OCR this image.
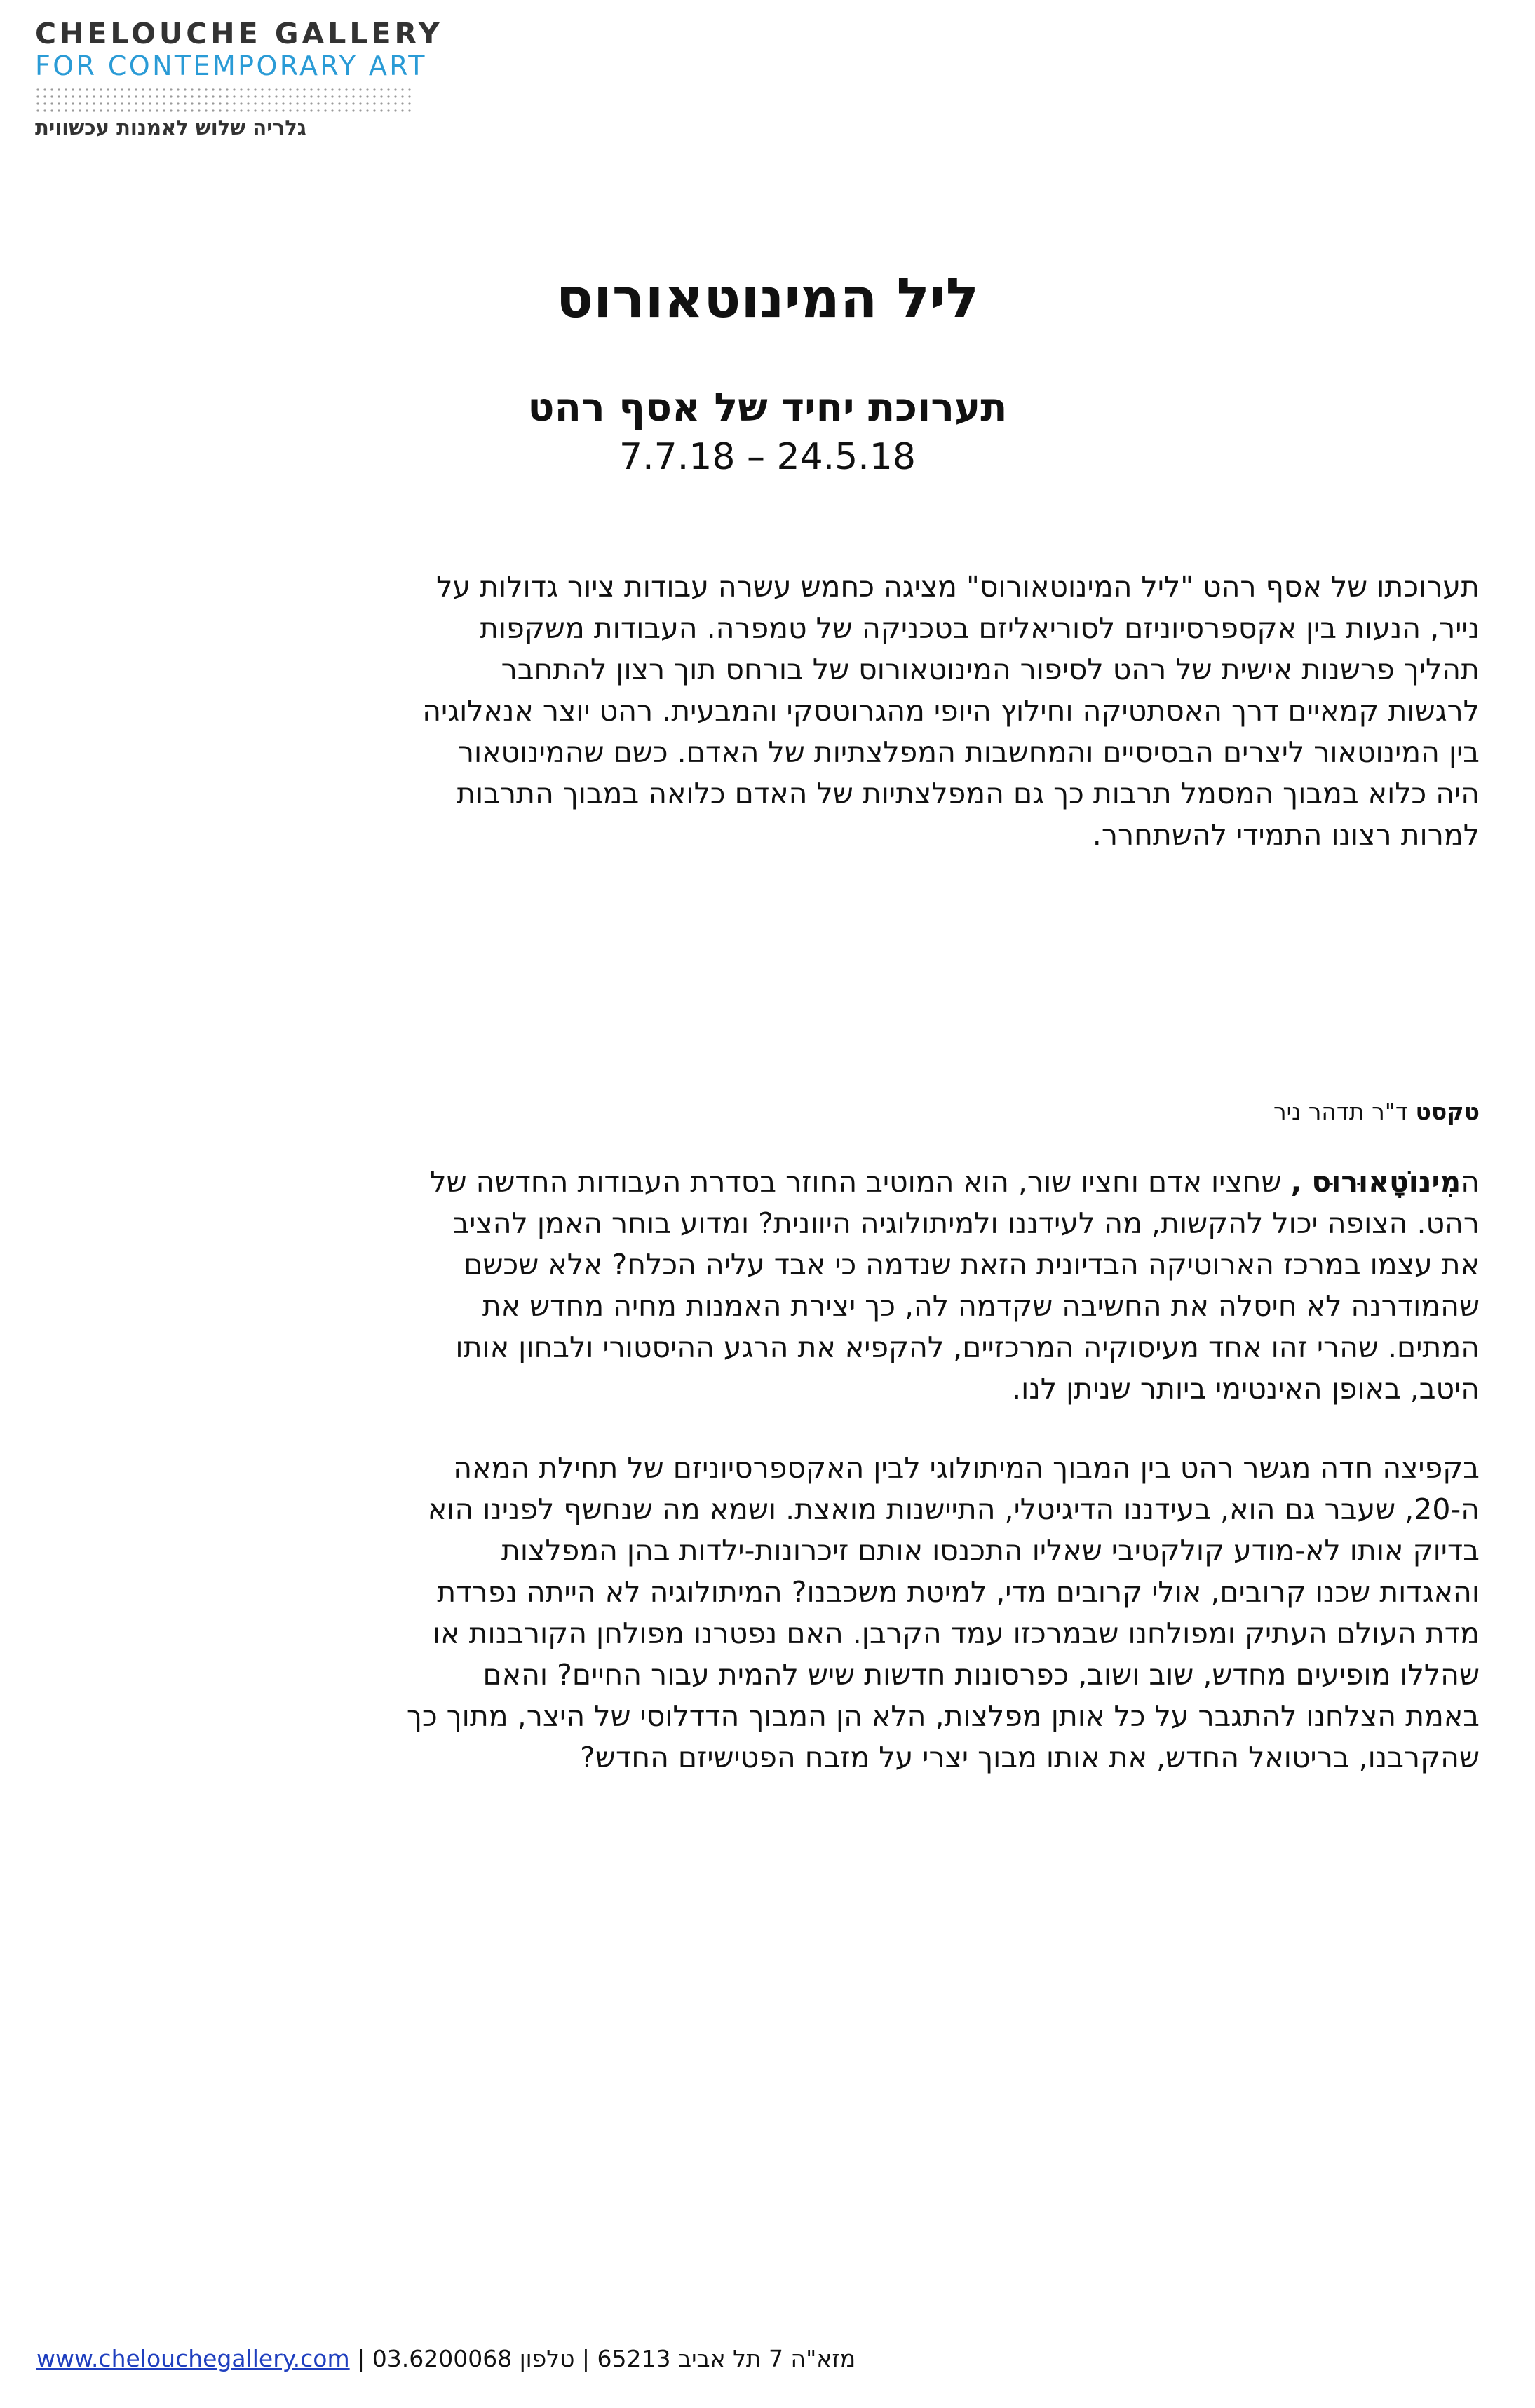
CHELOUCHE GALLERY
FOR CONTEMPORARY ART
גלריה שלוש לאמנות עכשווית
ליל המינוטאורוס
תערוכת יחיד של אסף רהט
7.7.18 – 24.5.18
תערוכתו של אסף רהט "ליל המינוטאורוס" מציגה כחמש עשרה עבודות ציור גדולות על
נייר, הנעות בין אקספרסיוניזם לסוריאליזם בטכניקה של טמפרה. העבודות משקפות
תהליך פרשנות אישית של רהט לסיפור המינוטאורוס של בורחס תוך רצון להתחבר
לרגשות קמאיים דרך האסתטיקה וחילוץ היופי מהגרוטסקי והמבעית. רהט יוצר אנאלוגיה
בין המינוטאור ליצרים הבסיסיים והמחשבות המפלצתיות של האדם. כשם שהמינוטאור
היה כלוא במבוך המסמל תרבות כך גם המפלצתיות של האדם כלואה במבוך התרבות
למרות רצונו התמידי להשתחרר.
טקסט ד"ר תדהר ניר
המִינוֹטָאוּרוּס , שחציו אדם וחציו שור, הוא המוטיב החוזר בסדרת העבודות החדשה של
רהט. הצופה יכול להקשות, מה לעידננו ולמיתולוגיה היוונית? ומדוע בוחר האמן להציב
את עצמו במרכז הארוטיקה הבדיונית הזאת שנדמה כי אבד עליה הכלח? אלא שכשם
שהמודרנה לא חיסלה את החשיבה שקדמה לה, כך יצירת האמנות מחיה מחדש את
המתים. שהרי זהו אחד מעיסוקיה המרכזיים, להקפיא את הרגע ההיסטורי ולבחון אותו
היטב, באופן האינטימי ביותר שניתן לנו.
בקפיצה חדה מגשר רהט בין המבוך המיתולוגי לבין האקספרסיוניזם של תחילת המאה
ה-20, שעבר גם הוא, בעידננו הדיגיטלי, התיישנות מואצת. ושמא מה שנחשף לפנינו הוא
בדיוק אותו לא-מודע קולקטיבי שאליו התכנסו אותם זיכרונות-ילדות בהן המפלצות
והאגדות שכנו קרובים, אולי קרובים מדי, למיטת משכבנו? המיתולוגיה לא הייתה נפרדת
מדת העולם העתיק ומפולחנו שבמרכזו עמד הקרבן. האם נפטרנו מפולחן הקורבנות או
שהללו מופיעים מחדש, שוב ושוב, כפרסונות חדשות שיש להמית עבור החיים? והאם
באמת הצלחנו להתגבר על כל אותן מפלצות, הלא הן המבוך הדדלוסי של היצר, מתוך כך
שהקרבנו, בריטואל החדש, את אותו מבוך יצרי על מזבח הפטישיזם החדש?
www.chelouchegallery.com | 03.6200068 מזא"ה 7 תל אביב 65213 | טלפון
